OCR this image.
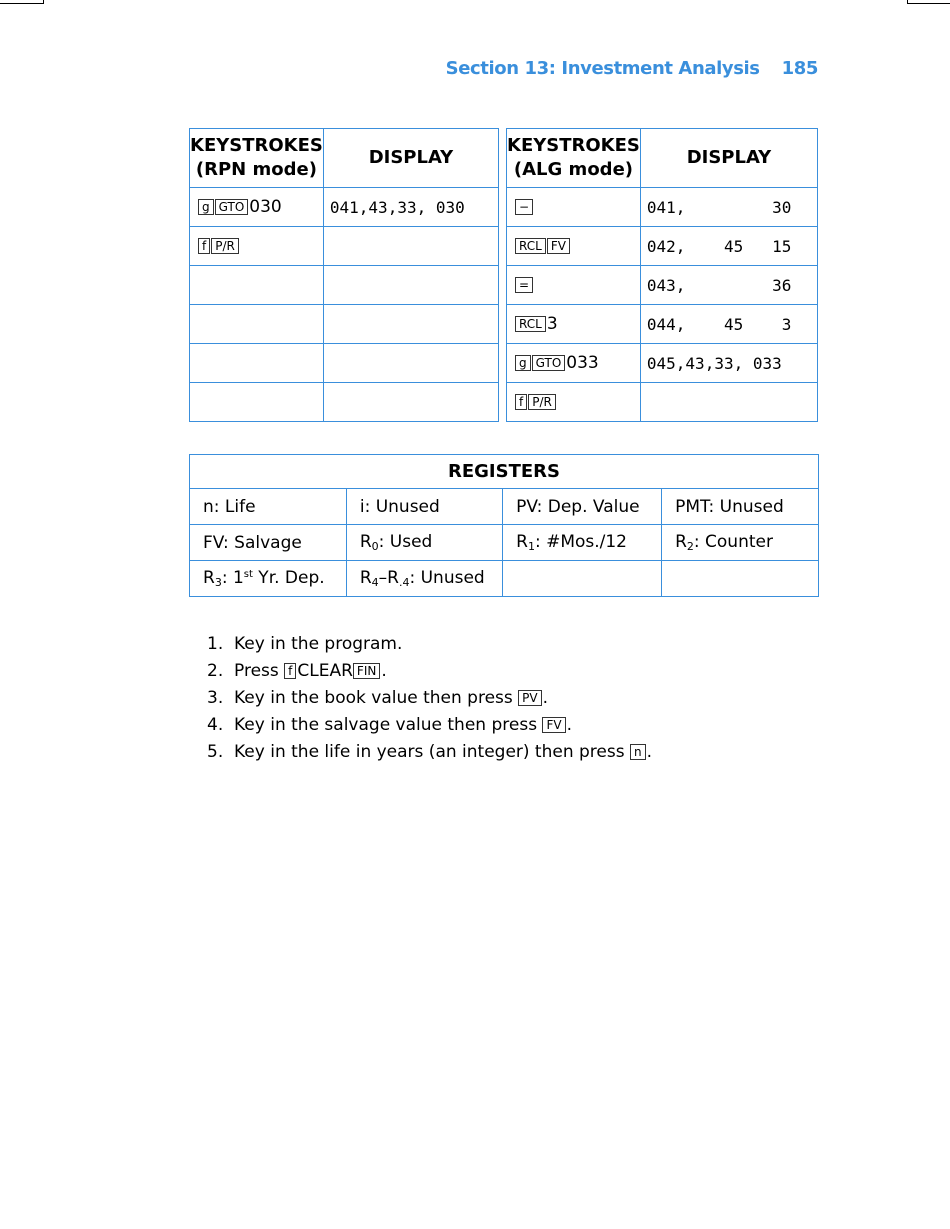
Section 13: Investment Analysis 185
KEYSTROKES
(RPN mode)	DISPLAY
g GTO 030	041,43,33, 030
f P/R	

KEYSTROKES
(ALG mode)	DISPLAY
−	041,         30
RCL FV	042,    45   15
=	043,         36
RCL 3	044,    45    3
g GTO 033	045,43,33, 033
f P/R	
REGISTERS			
n: Life	i: Unused	PV: Dep. Value	PMT: Unused
FV: Salvage	$R_0$: Used	$R_1$: #Mos./12	$R_2$: Counter
$R_3$: 1st Yr. Dep.	$R_4-R_{.4}$: Unused		
1. Key in the program.
2. Press f CLEAR FIN .
3. Key in the book value then press PV .
4. Key in the salvage value then press FV .
5. Key in the life in years (an integer) then press n .
